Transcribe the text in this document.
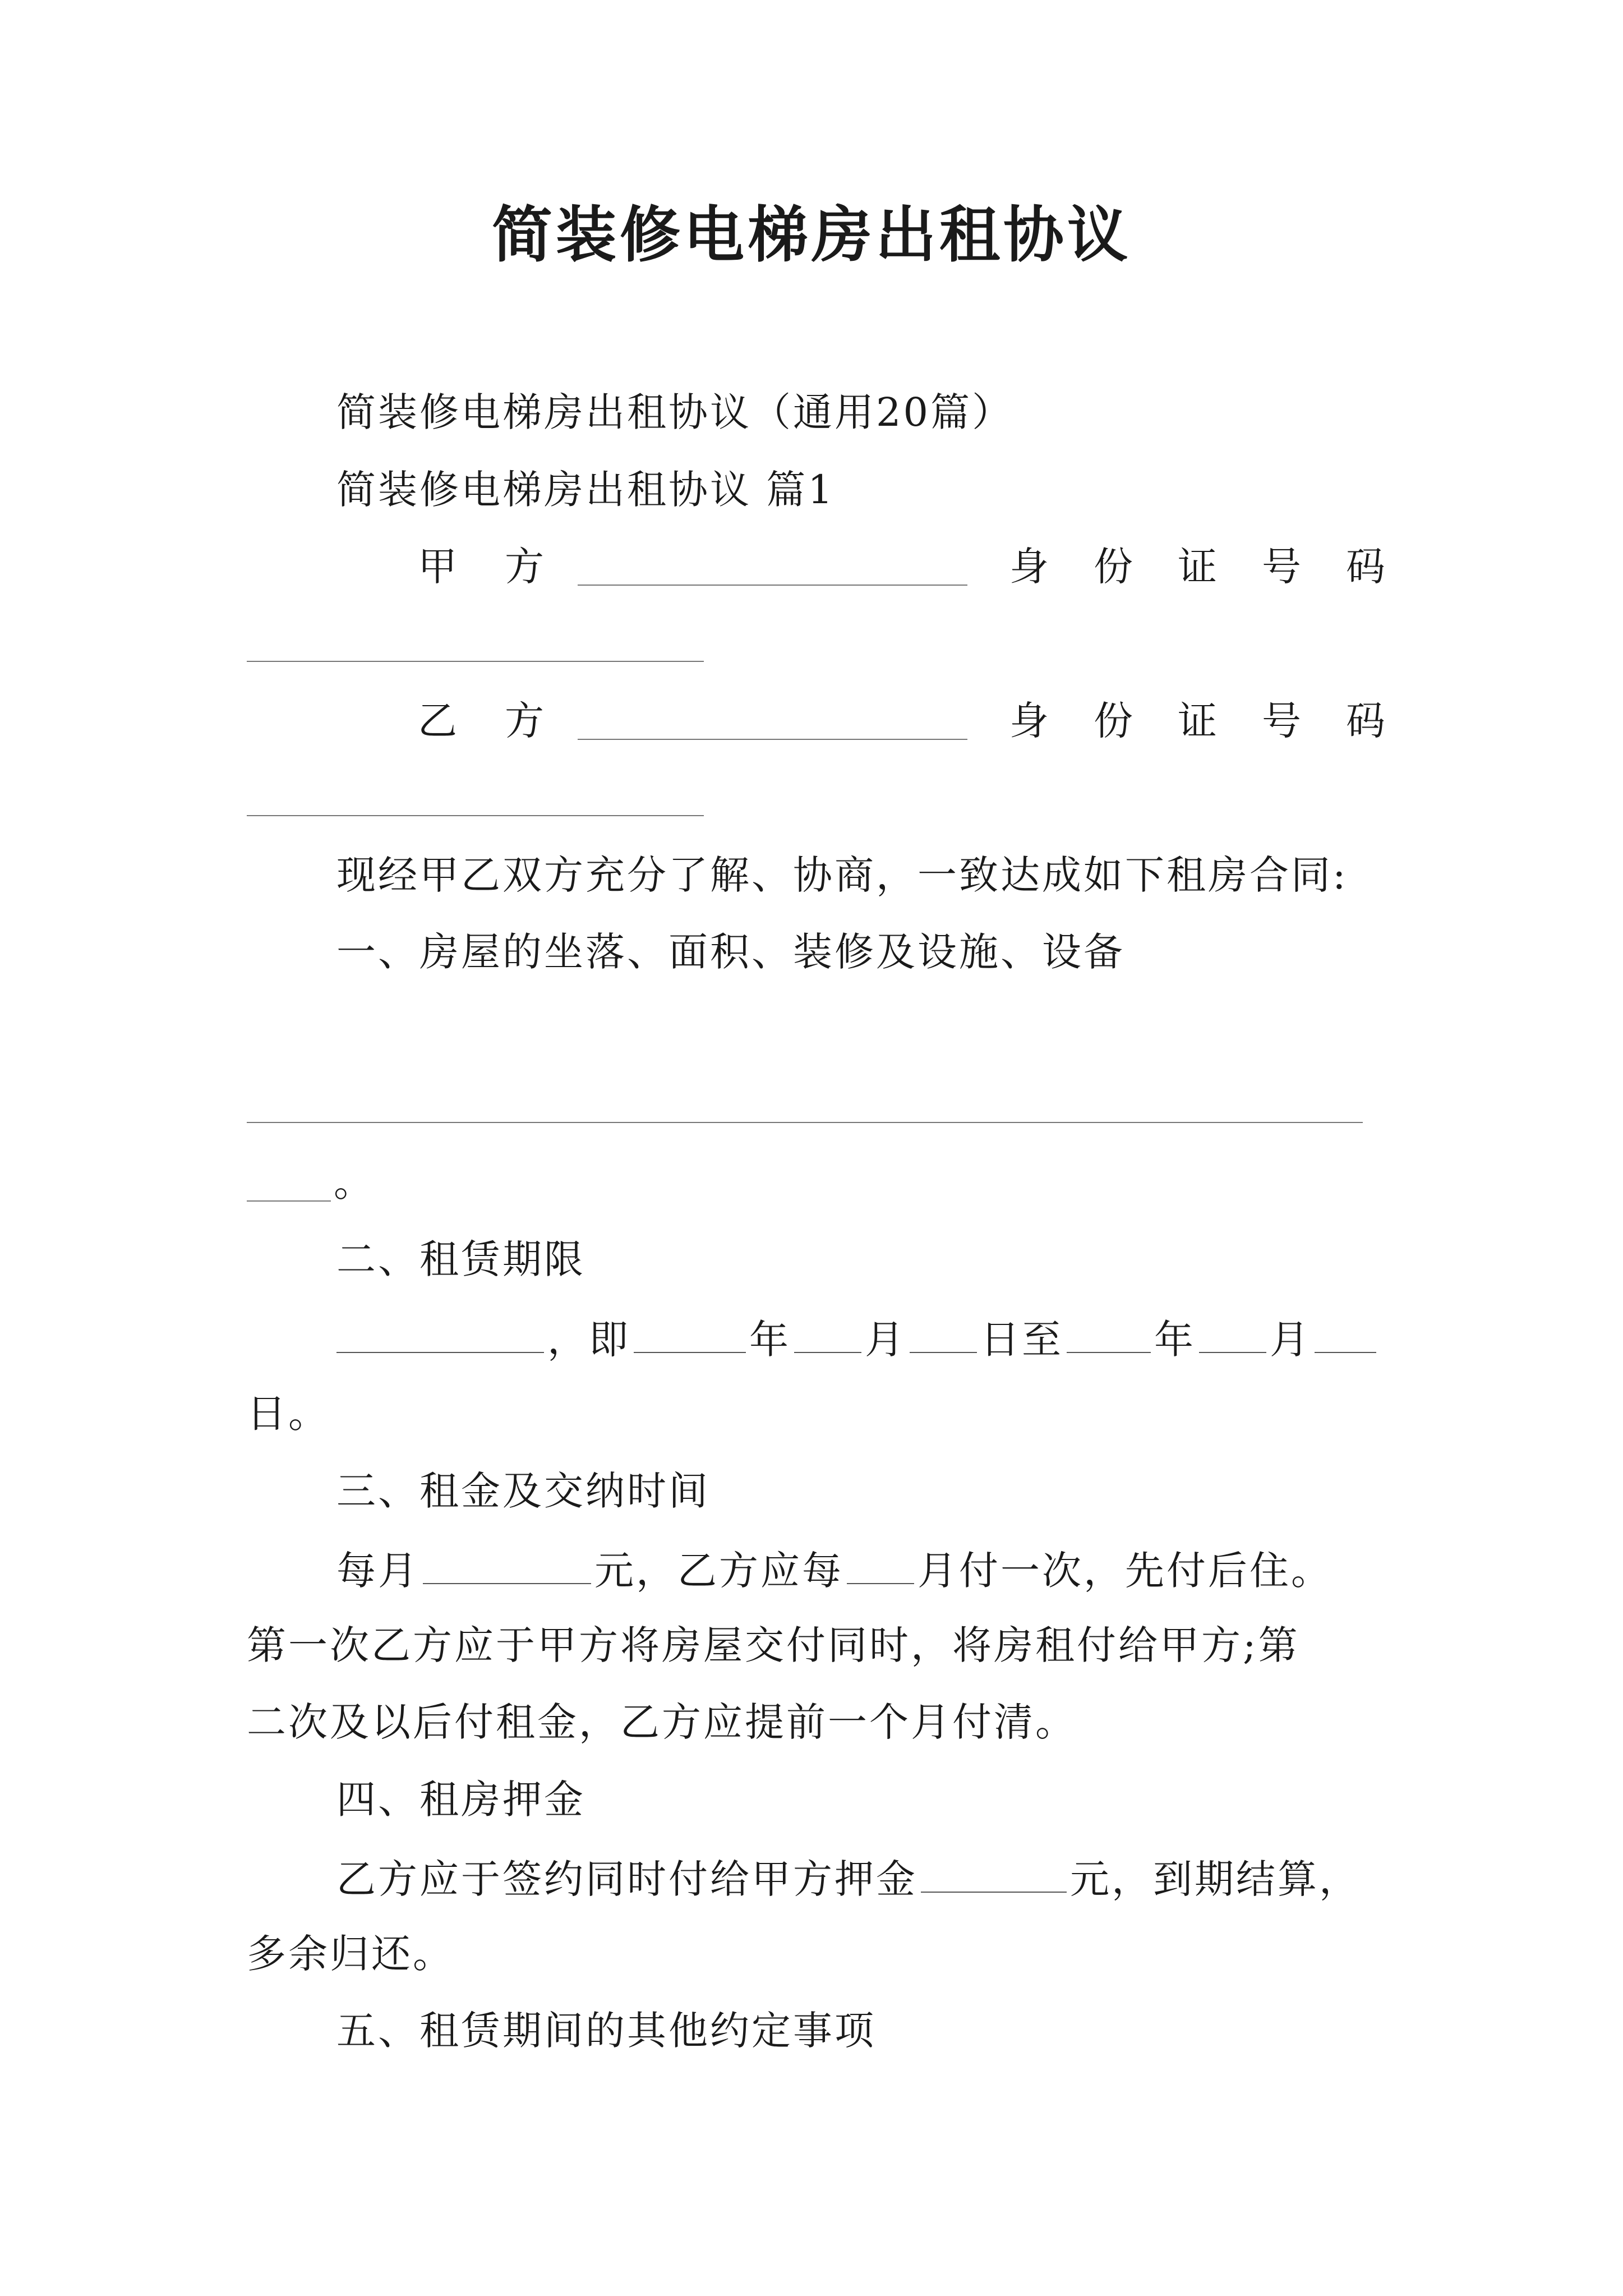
简装修电梯房出租协议
简装修电梯房出租协议（通用20篇）
简装修电梯房出租协议 篇1
甲 方	身 份 证 号 码
乙 方	身 份 证 号 码
现经甲乙双方充分了解、协商，一致达成如下租房合同:
一、房屋的坐落、面积、装修及设施、设备
。
二、租赁期限
，即	年 月 日至 年 月
日。
三、租金及交纳时间
每月	元，乙方应每 月付一次，先付后住。
第一次乙方应于甲方将房屋交付同时，将房租付给甲方;第
二次及以后付租金，乙方应提前一个月付清。
四、租房押金
乙方应于签约同时付给甲方押金	元，到期结算，
多余归还。
五、租赁期间的其他约定事项
